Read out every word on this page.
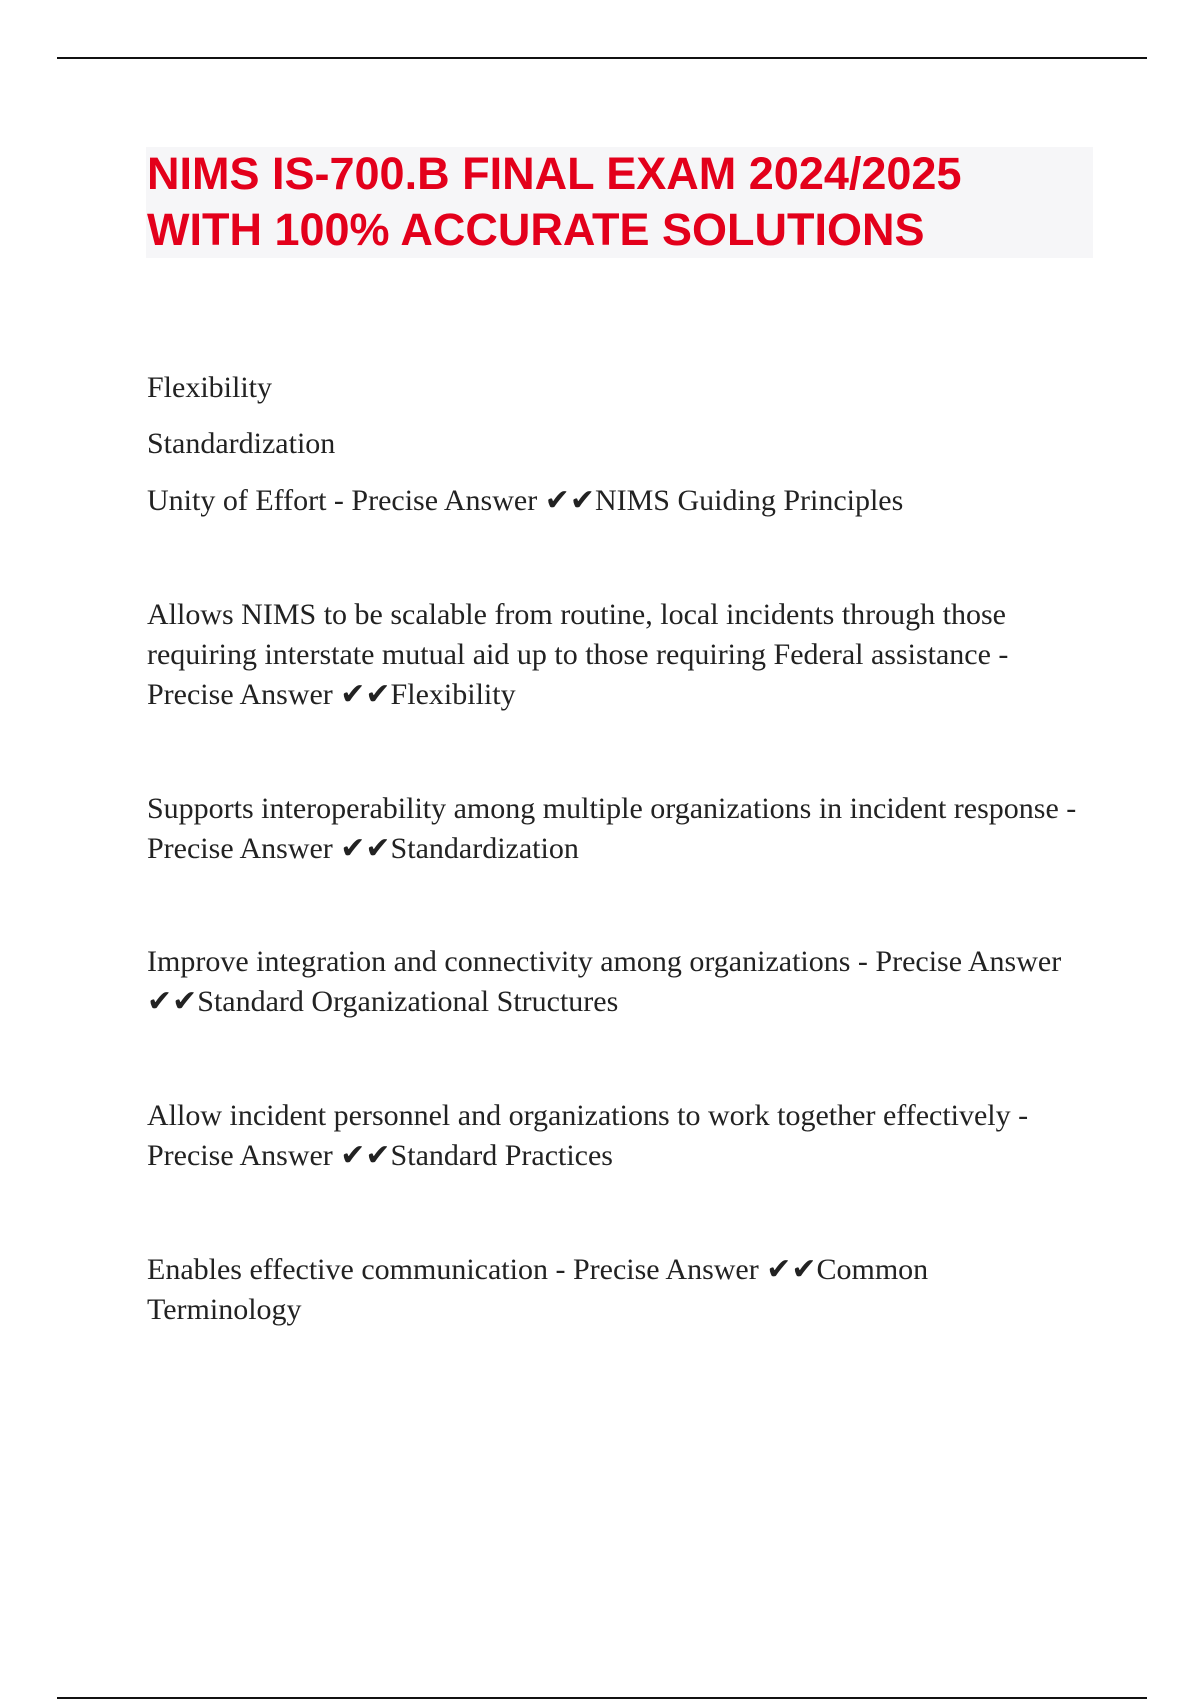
NIMS IS-700.B FINAL EXAM 2024/2025
WITH 100% ACCURATE SOLUTIONS
Flexibility
Standardization
Unity of Effort - Precise Answer ✔✔NIMS Guiding Principles
Allows NIMS to be scalable from routine, local incidents through those requiring interstate mutual aid up to those requiring Federal assistance - Precise Answer ✔✔Flexibility
Supports interoperability among multiple organizations in incident response - Precise Answer ✔✔Standardization
Improve integration and connectivity among organizations - Precise Answer ✔✔Standard Organizational Structures
Allow incident personnel and organizations to work together effectively - Precise Answer ✔✔Standard Practices
Enables effective communication - Precise Answer ✔✔Common Terminology
